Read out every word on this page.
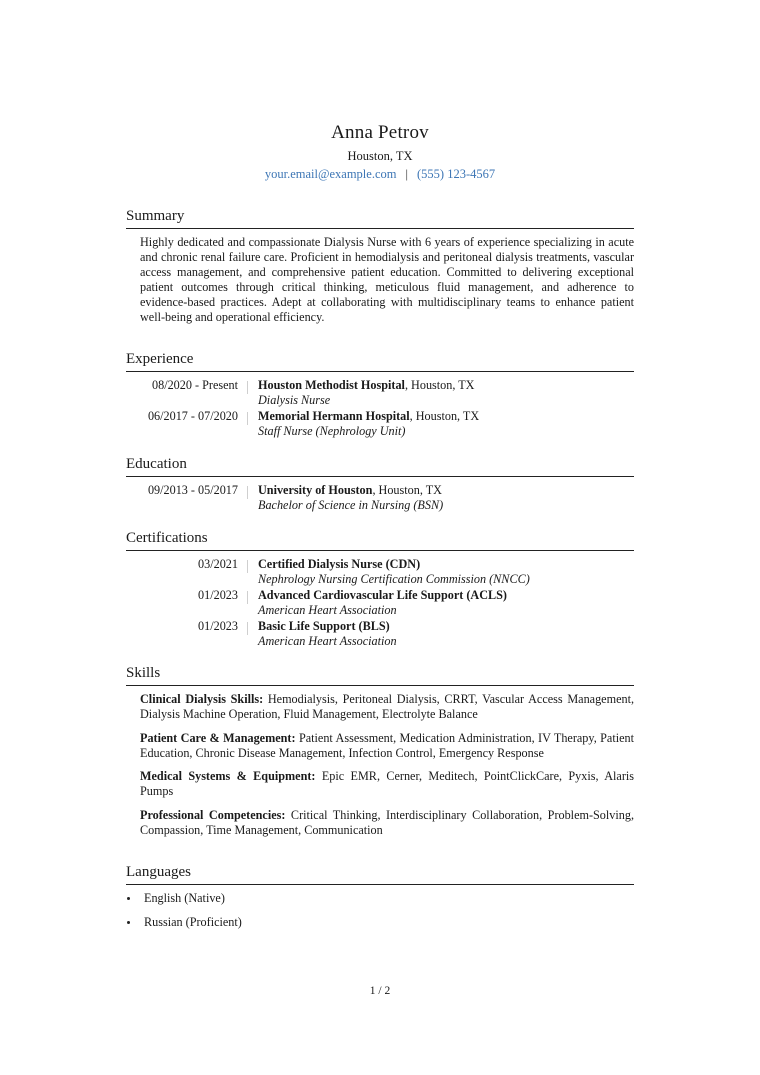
Anna Petrov
Houston, TX
your.email@example.com | (555) 123-4567
Summary
Highly dedicated and compassionate Dialysis Nurse with 6 years of experience specializing in acute and chronic renal failure care. Proficient in hemodialysis and peritoneal dialysis treatments, vascular access management, and comprehensive patient education. Committed to delivering exceptional patient outcomes through critical thinking, meticulous fluid management, and adherence to evidence-based practices. Adept at collaborating with multidisciplinary teams to enhance patient well-being and operational efficiency.
Experience
08/2020 - Present Houston Methodist Hospital, Houston, TX
Dialysis Nurse
06/2017 - 07/2020 Memorial Hermann Hospital, Houston, TX
Staff Nurse (Nephrology Unit)
Education
09/2013 - 05/2017 University of Houston, Houston, TX
Bachelor of Science in Nursing (BSN)
Certifications
03/2021 Certified Dialysis Nurse (CDN)
Nephrology Nursing Certification Commission (NNCC)
01/2023 Advanced Cardiovascular Life Support (ACLS)
American Heart Association
01/2023 Basic Life Support (BLS)
American Heart Association
Skills
Clinical Dialysis Skills: Hemodialysis, Peritoneal Dialysis, CRRT, Vascular Access Management, Dialysis Machine Operation, Fluid Management, Electrolyte Balance
Patient Care & Management: Patient Assessment, Medication Administration, IV Therapy, Patient Education, Chronic Disease Management, Infection Control, Emergency Response
Medical Systems & Equipment: Epic EMR, Cerner, Meditech, PointClickCare, Pyxis, Alaris Pumps
Professional Competencies: Critical Thinking, Interdisciplinary Collaboration, Problem-Solving, Compassion, Time Management, Communication
Languages
English (Native)
Russian (Proficient)
1 / 2
